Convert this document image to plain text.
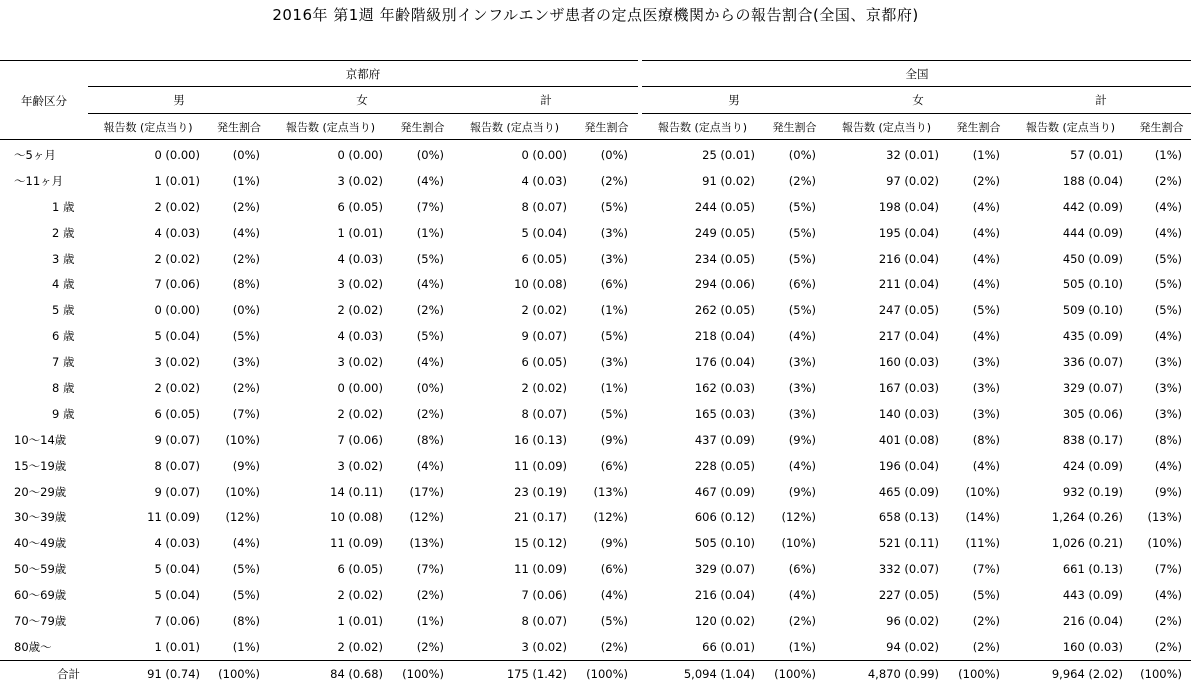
2016年 第1週 年齢階級別インフルエンザ患者の定点医療機関からの報告割合(全国、京都府)
	京都府							全国					
年齢区分	男		女		計			男		女		計	
	報告数 (定点当り)	発生割合	報告数 (定点当り)	発生割合	報告数 (定点当り)	発生割合		報告数 (定点当り)	発生割合	報告数 (定点当り)	発生割合	報告数 (定点当り)	発生割合

～5ヶ月	0 (0.00)	(0%)	0 (0.00)	(0%)	0 (0.00)	(0%)		25 (0.01)	(0%)	32 (0.01)	(1%)	57 (0.01)	(1%)
～11ヶ月	1 (0.01)	(1%)	3 (0.02)	(4%)	4 (0.03)	(2%)		91 (0.02)	(2%)	97 (0.02)	(2%)	188 (0.04)	(2%)
1 歳	2 (0.02)	(2%)	6 (0.05)	(7%)	8 (0.07)	(5%)		244 (0.05)	(5%)	198 (0.04)	(4%)	442 (0.09)	(4%)
2 歳	4 (0.03)	(4%)	1 (0.01)	(1%)	5 (0.04)	(3%)		249 (0.05)	(5%)	195 (0.04)	(4%)	444 (0.09)	(4%)
3 歳	2 (0.02)	(2%)	4 (0.03)	(5%)	6 (0.05)	(3%)		234 (0.05)	(5%)	216 (0.04)	(4%)	450 (0.09)	(5%)
4 歳	7 (0.06)	(8%)	3 (0.02)	(4%)	10 (0.08)	(6%)		294 (0.06)	(6%)	211 (0.04)	(4%)	505 (0.10)	(5%)
5 歳	0 (0.00)	(0%)	2 (0.02)	(2%)	2 (0.02)	(1%)		262 (0.05)	(5%)	247 (0.05)	(5%)	509 (0.10)	(5%)
6 歳	5 (0.04)	(5%)	4 (0.03)	(5%)	9 (0.07)	(5%)		218 (0.04)	(4%)	217 (0.04)	(4%)	435 (0.09)	(4%)
7 歳	3 (0.02)	(3%)	3 (0.02)	(4%)	6 (0.05)	(3%)		176 (0.04)	(3%)	160 (0.03)	(3%)	336 (0.07)	(3%)
8 歳	2 (0.02)	(2%)	0 (0.00)	(0%)	2 (0.02)	(1%)		162 (0.03)	(3%)	167 (0.03)	(3%)	329 (0.07)	(3%)
9 歳	6 (0.05)	(7%)	2 (0.02)	(2%)	8 (0.07)	(5%)		165 (0.03)	(3%)	140 (0.03)	(3%)	305 (0.06)	(3%)
10～14歳	9 (0.07)	(10%)	7 (0.06)	(8%)	16 (0.13)	(9%)		437 (0.09)	(9%)	401 (0.08)	(8%)	838 (0.17)	(8%)
15～19歳	8 (0.07)	(9%)	3 (0.02)	(4%)	11 (0.09)	(6%)		228 (0.05)	(4%)	196 (0.04)	(4%)	424 (0.09)	(4%)
20～29歳	9 (0.07)	(10%)	14 (0.11)	(17%)	23 (0.19)	(13%)		467 (0.09)	(9%)	465 (0.09)	(10%)	932 (0.19)	(9%)
30～39歳	11 (0.09)	(12%)	10 (0.08)	(12%)	21 (0.17)	(12%)		606 (0.12)	(12%)	658 (0.13)	(14%)	1,264 (0.26)	(13%)
40～49歳	4 (0.03)	(4%)	11 (0.09)	(13%)	15 (0.12)	(9%)		505 (0.10)	(10%)	521 (0.11)	(11%)	1,026 (0.21)	(10%)
50～59歳	5 (0.04)	(5%)	6 (0.05)	(7%)	11 (0.09)	(6%)		329 (0.07)	(6%)	332 (0.07)	(7%)	661 (0.13)	(7%)
60～69歳	5 (0.04)	(5%)	2 (0.02)	(2%)	7 (0.06)	(4%)		216 (0.04)	(4%)	227 (0.05)	(5%)	443 (0.09)	(4%)
70～79歳	7 (0.06)	(8%)	1 (0.01)	(1%)	8 (0.07)	(5%)		120 (0.02)	(2%)	96 (0.02)	(2%)	216 (0.04)	(2%)
80歳～	1 (0.01)	(1%)	2 (0.02)	(2%)	3 (0.02)	(2%)		66 (0.01)	(1%)	94 (0.02)	(2%)	160 (0.03)	(2%)
合計	91 (0.74)	(100%)	84 (0.68)	(100%)	175 (1.42)	(100%)		5,094 (1.04)	(100%)	4,870 (0.99)	(100%)	9,964 (2.02)	(100%)
